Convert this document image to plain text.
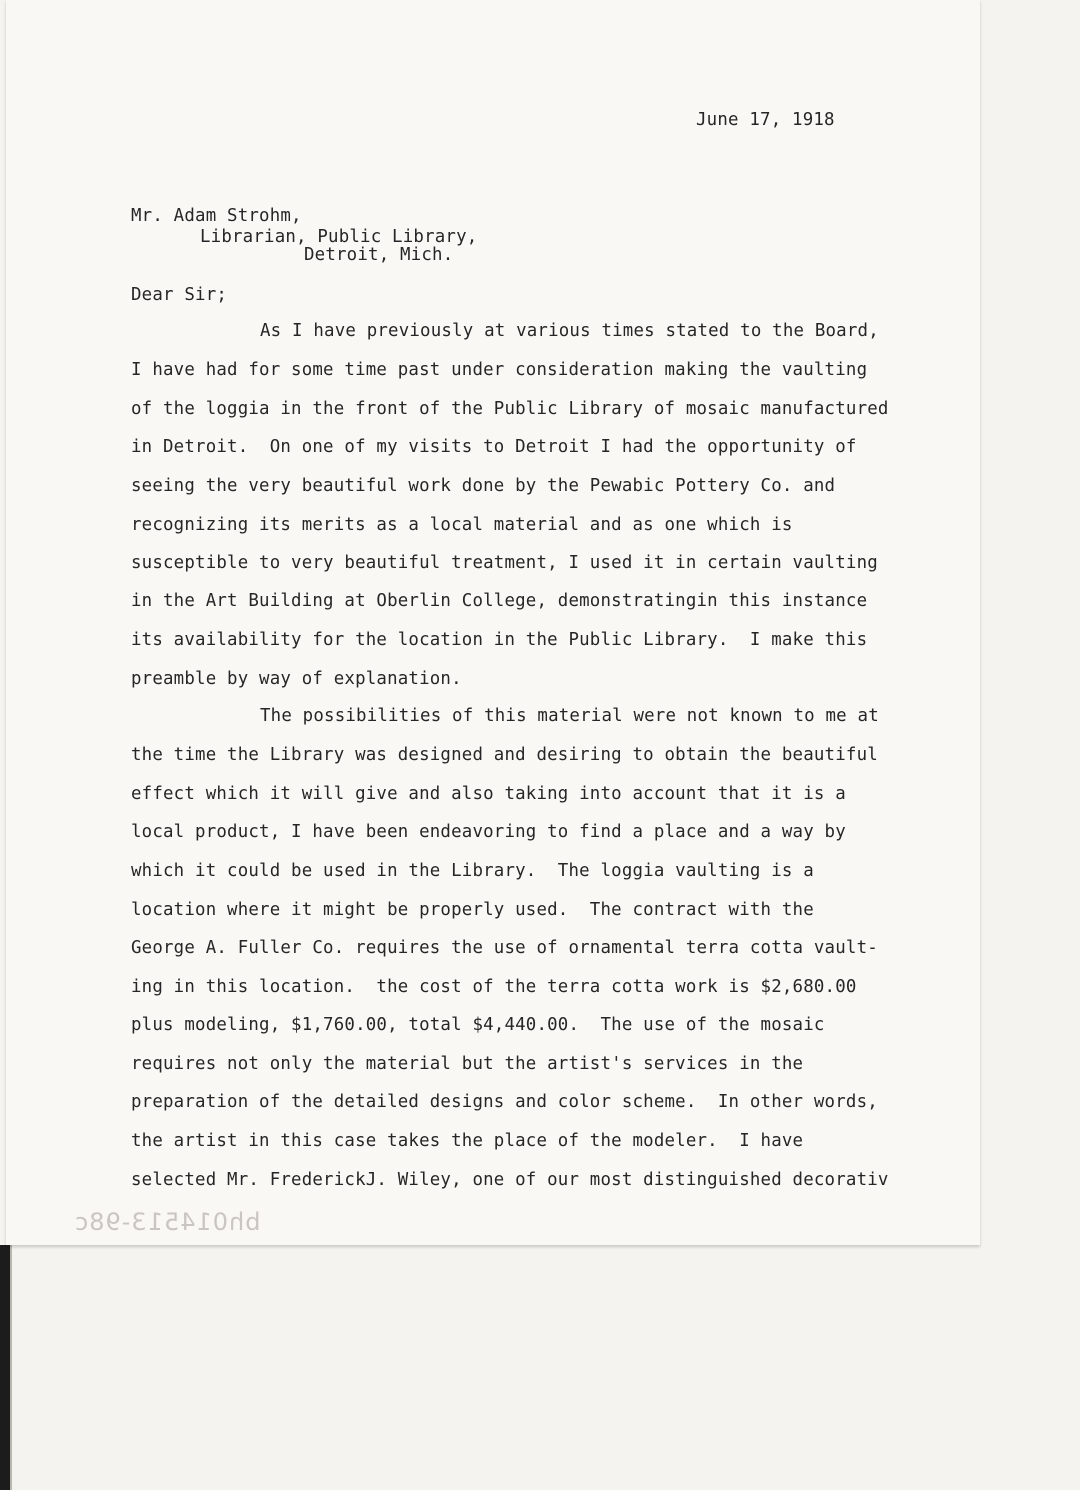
June 17, 1918
Mr. Adam Strohm,
Librarian, Public Library,
Detroit, Mich.
Dear Sir;
As I have previously at various times stated to the Board,
I have had for some time past under consideration making the vaulting
of the loggia in the front of the Public Library of mosaic manufactured
in Detroit.  On one of my visits to Detroit I had the opportunity of
seeing the very beautiful work done by the Pewabic Pottery Co. and
recognizing its merits as a local material and as one which is
susceptible to very beautiful treatment, I used it in certain vaulting
in the Art Building at Oberlin College, demonstratingin this instance
its availability for the location in the Public Library.  I make this
preamble by way of explanation.
The possibilities of this material were not known to me at
the time the Library was designed and desiring to obtain the beautiful
effect which it will give and also taking into account that it is a
local product, I have been endeavoring to find a place and a way by
which it could be used in the Library.  The loggia vaulting is a
location where it might be properly used.  The contract with the
George A. Fuller Co. requires the use of ornamental terra cotta vault-
ing in this location.  the cost of the terra cotta work is $2,680.00
plus modeling, $1,760.00, total $4,440.00.  The use of the mosaic
requires not only the material but the artist's services in the
preparation of the detailed designs and color scheme.  In other words,
the artist in this case takes the place of the modeler.  I have
selected Mr. FrederickJ. Wiley, one of our most distinguished decorativ
bh014513-98c
